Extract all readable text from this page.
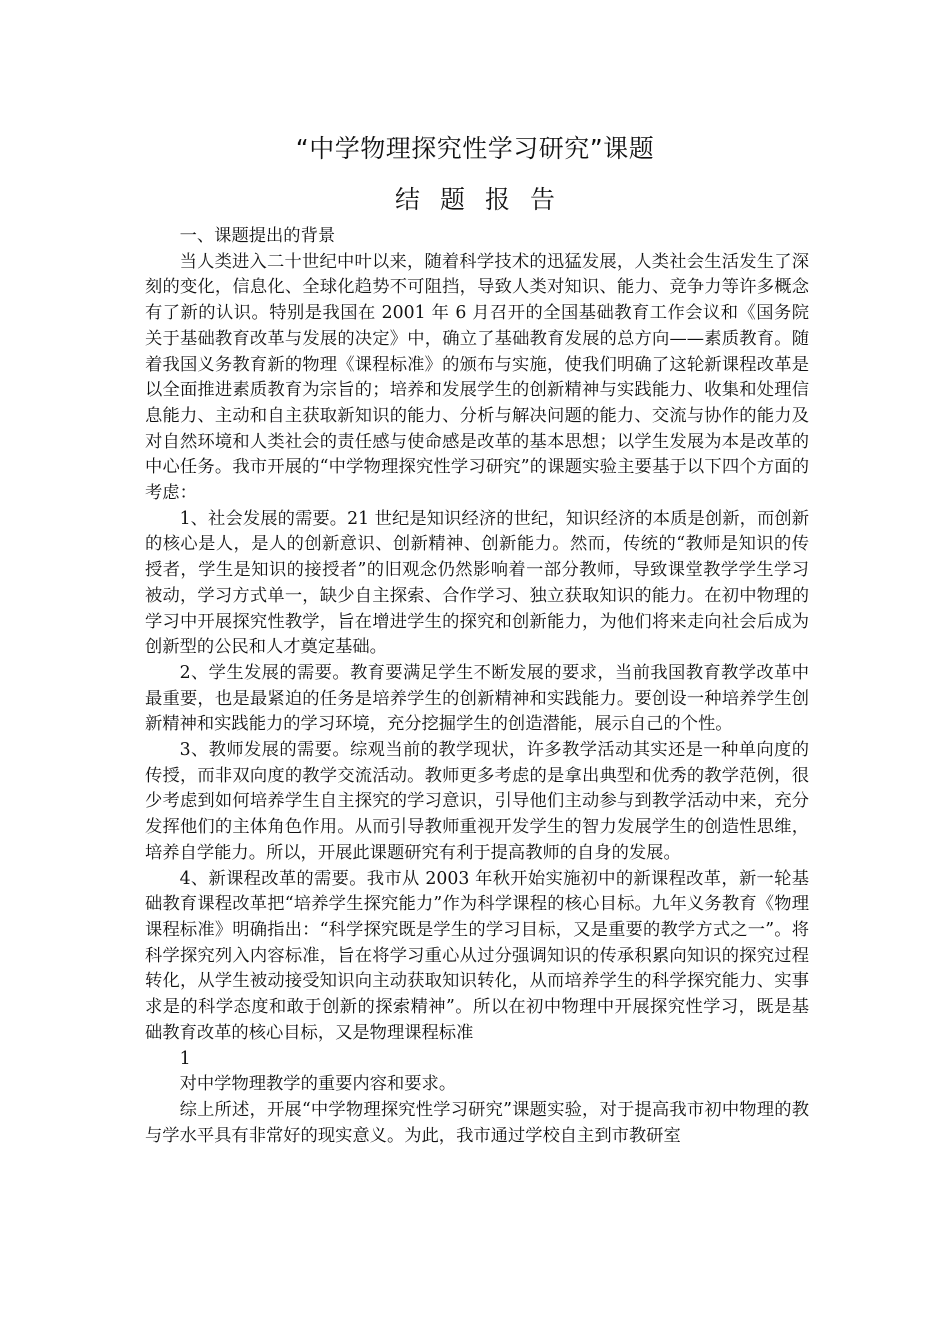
“中学物理探究性学习研究”课题
结题报告

一、课题提出的背景

当人类进入二十世纪中叶以来，随着科学技术的迅猛发展，人类社会生活发生了深刻的变化，信息化、全球化趋势不可阻挡，导致人类对知识、能力、竞争力等许多概念有了新的认识。特别是我国在 2001 年 6 月召开的全国基础教育工作会议和《国务院关于基础教育改革与发展的决定》中，确立了基础教育发展的总方向——素质教育。随着我国义务教育新的物理《课程标准》的颁布与实施，使我们明确了这轮新课程改革是以全面推进素质教育为宗旨的；培养和发展学生的创新精神与实践能力、收集和处理信息能力、主动和自主获取新知识的能力、分析与解决问题的能力、交流与协作的能力及对自然环境和人类社会的责任感与使命感是改革的基本思想；以学生发展为本是改革的中心任务。我市开展的“中学物理探究性学习研究”的课题实验主要基于以下四个方面的考虑：

1、社会发展的需要。21 世纪是知识经济的世纪，知识经济的本质是创新，而创新的核心是人，是人的创新意识、创新精神、创新能力。然而，传统的“教师是知识的传授者，学生是知识的接授者”的旧观念仍然影响着一部分教师，导致课堂教学学生学习被动，学习方式单一，缺少自主探索、合作学习、独立获取知识的能力。在初中物理的学习中开展探究性教学，旨在增进学生的探究和创新能力，为他们将来走向社会后成为创新型的公民和人才奠定基础。

2、学生发展的需要。教育要满足学生不断发展的要求，当前我国教育教学改革中最重要，也是最紧迫的任务是培养学生的创新精神和实践能力。要创设一种培养学生创新精神和实践能力的学习环境，充分挖掘学生的创造潜能，展示自己的个性。

3、教师发展的需要。综观当前的教学现状，许多教学活动其实还是一种单向度的传授，而非双向度的教学交流活动。教师更多考虑的是拿出典型和优秀的教学范例，很少考虑到如何培养学生自主探究的学习意识，引导他们主动参与到教学活动中来，充分发挥他们的主体角色作用。从而引导教师重视开发学生的智力发展学生的创造性思维，培养自学能力。所以，开展此课题研究有利于提高教师的自身的发展。

4、新课程改革的需要。我市从 2003 年秋开始实施初中的新课程改革，新一轮基础教育课程改革把“培养学生探究能力”作为科学课程的核心目标。九年义务教育《物理课程标准》明确指出：“科学探究既是学生的学习目标，又是重要的教学方式之一”。将科学探究列入内容标准，旨在将学习重心从过分强调知识的传承积累向知识的探究过程转化，从学生被动接受知识向主动获取知识转化，从而培养学生的科学探究能力、实事求是的科学态度和敢于创新的探索精神”。所以在初中物理中开展探究性学习，既是基础教育改革的核心目标，又是物理课程标准

1

对中学物理教学的重要内容和要求。

综上所述，开展“中学物理探究性学习研究”课题实验，对于提高我市初中物理的教与学水平具有非常好的现实意义。为此，我市通过学校自主到市教研室
